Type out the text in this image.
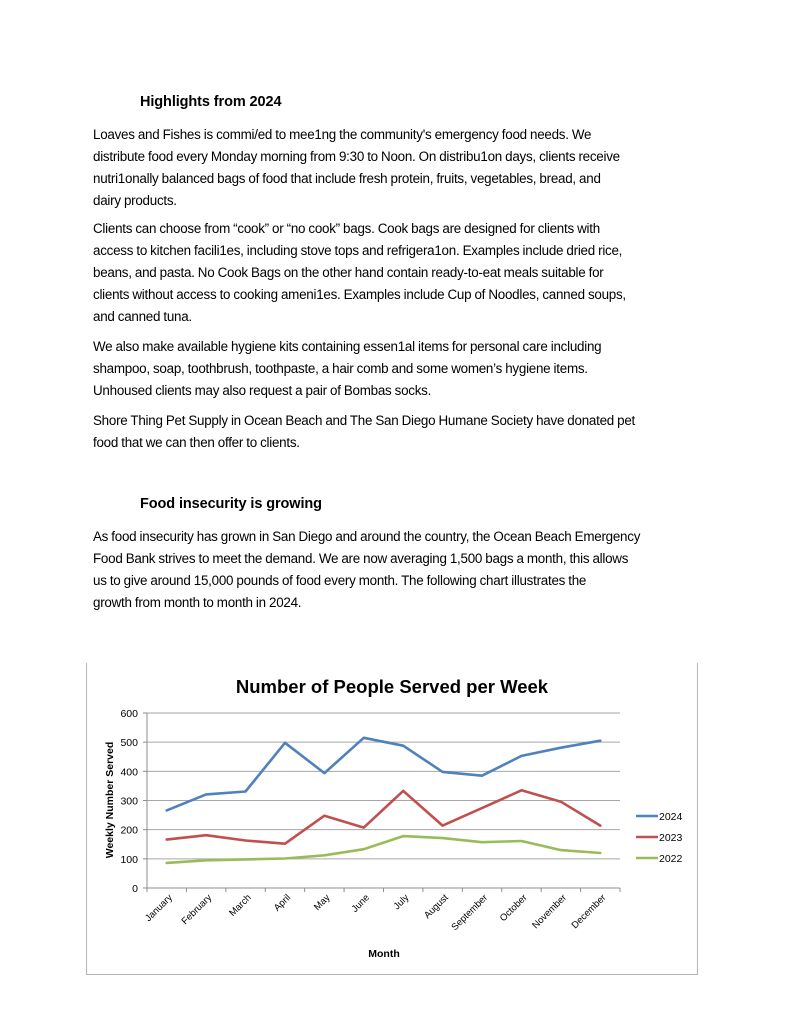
Highlights from 2024
Loaves and Fishes is commi/ed to mee1ng the community's emergency food needs. We
distribute food every Monday morning from 9:30 to Noon. On distribu1on days, clients receive
nutri1onally balanced bags of food that include fresh protein, fruits, vegetables, bread, and
dairy products.
Clients can choose from “cook” or “no cook” bags. Cook bags are designed for clients with
access to kitchen facili1es, including stove tops and refrigera1on. Examples include dried rice,
beans, and pasta. No Cook Bags on the other hand contain ready-to-eat meals suitable for
clients without access to cooking ameni1es. Examples include Cup of Noodles, canned soups,
and canned tuna.
We also make available hygiene kits containing essen1al items for personal care including
shampoo, soap, toothbrush, toothpaste, a hair comb and some women’s hygiene items.
Unhoused clients may also request a pair of Bombas socks.
Shore Thing Pet Supply in Ocean Beach and The San Diego Humane Society have donated pet
food that we can then offer to clients.
Food insecurity is growing
As food insecurity has grown in San Diego and around the country, the Ocean Beach Emergency
Food Bank strives to meet the demand. We are now averaging 1,500 bags a month, this allows
us to give around 15,000 pounds of food every month. The following chart illustrates the
growth from month to month in 2024.
Number of People Served per Week
0
100
200
300
400
500
600
January February March April May June July August
September October November December
2024
2023
2022
Weekly Number Served
Month
